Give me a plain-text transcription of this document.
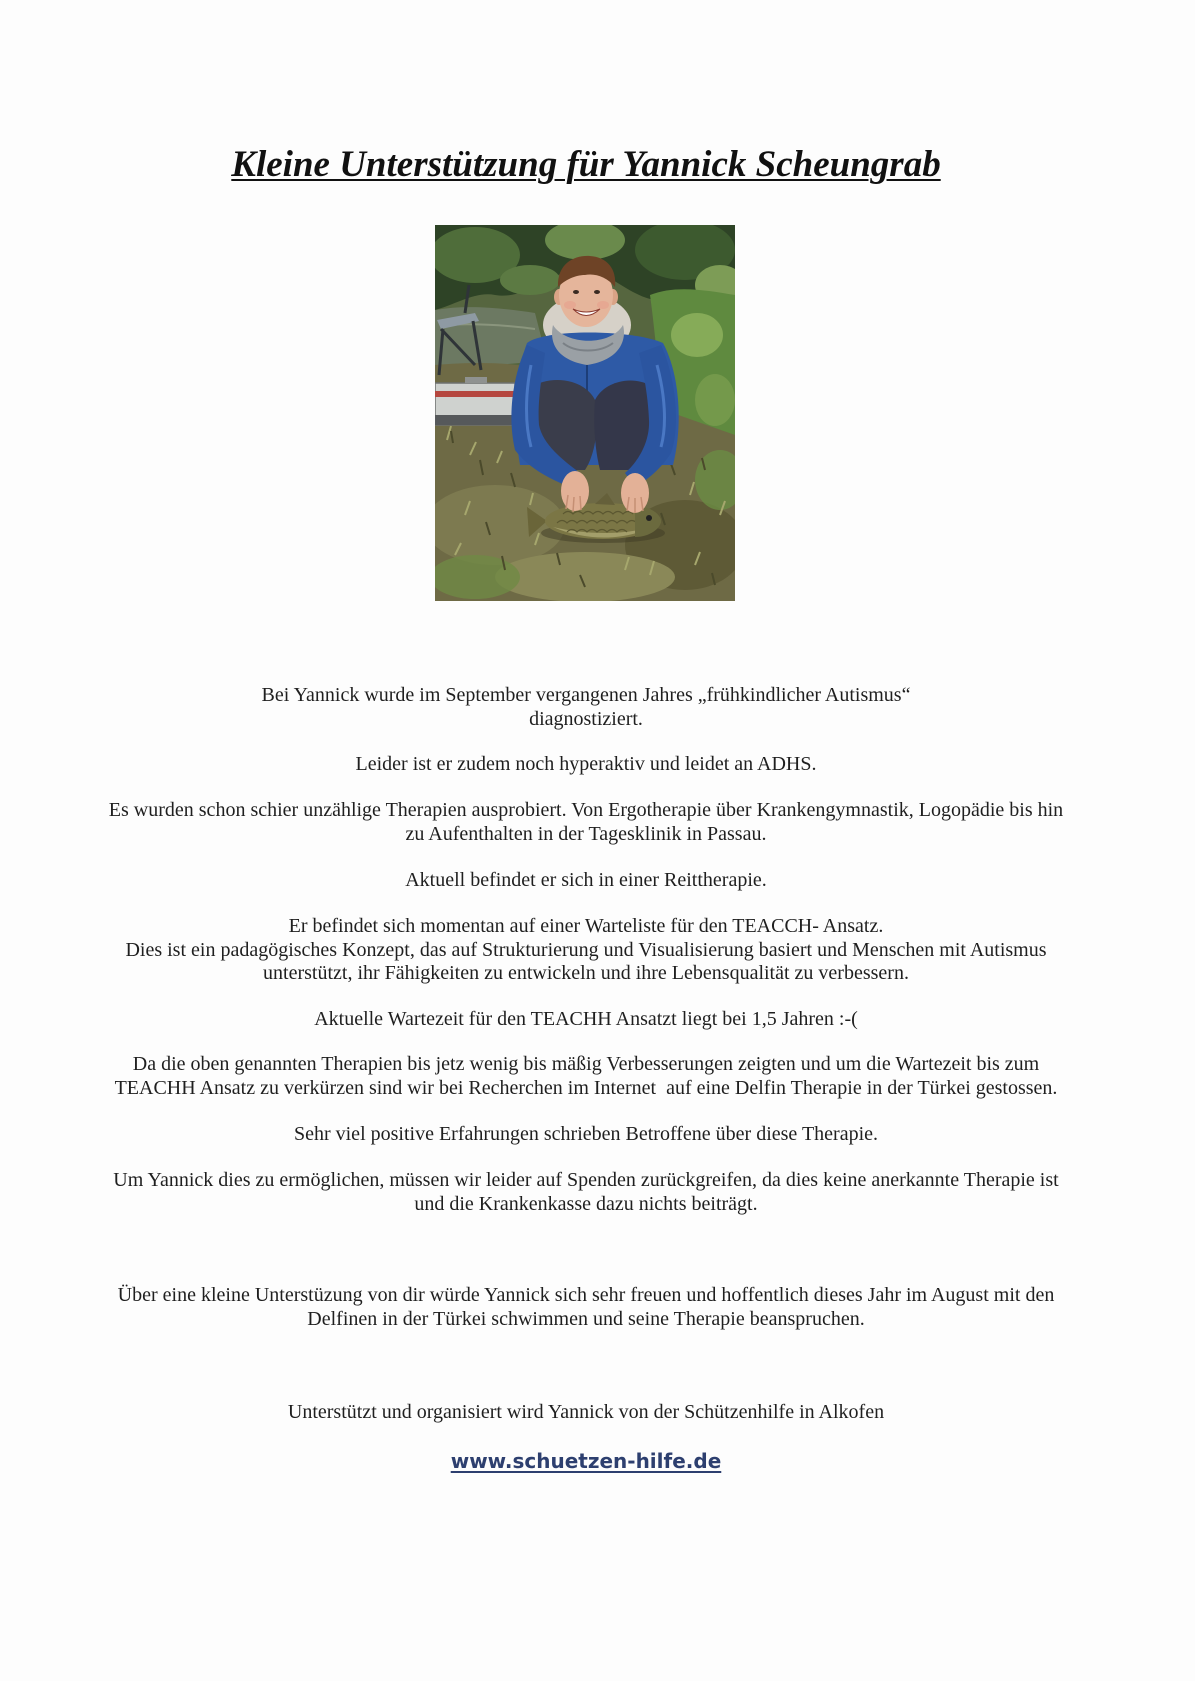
Kleine Unterstützung für Yannick Scheungrab
Bei Yannick wurde im September vergangenen Jahres „frühkindlicher Autismus“
diagnostiziert.
Leider ist er zudem noch hyperaktiv und leidet an ADHS.
Es wurden schon schier unzählige Therapien ausprobiert. Von Ergotherapie über Krankengymnastik, Logopädie bis hin
zu Aufenthalten in der Tagesklinik in Passau.
Aktuell befindet er sich in einer Reittherapie.
Er befindet sich momentan auf einer Warteliste für den TEACCH- Ansatz.
Dies ist ein padagögisches Konzept, das auf Strukturierung und Visualisierung basiert und Menschen mit Autismus
unterstützt, ihr Fähigkeiten zu entwickeln und ihre Lebensqualität zu verbessern.
Aktuelle Wartezeit für den TEACHH Ansatzt liegt bei 1,5 Jahren :-(
Da die oben genannten Therapien bis jetz wenig bis mäßig Verbesserungen zeigten und um die Wartezeit bis zum
TEACHH Ansatz zu verkürzen sind wir bei Recherchen im Internet  auf eine Delfin Therapie in der Türkei gestossen.
Sehr viel positive Erfahrungen schrieben Betroffene über diese Therapie.
Um Yannick dies zu ermöglichen, müssen wir leider auf Spenden zurückgreifen, da dies keine anerkannte Therapie ist
und die Krankenkasse dazu nichts beiträgt.
Über eine kleine Unterstüzung von dir würde Yannick sich sehr freuen und hoffentlich dieses Jahr im August mit den
Delfinen in der Türkei schwimmen und seine Therapie beanspruchen.
Unterstützt und organisiert wird Yannick von der Schützenhilfe in Alkofen
www.schuetzen-hilfe.de
